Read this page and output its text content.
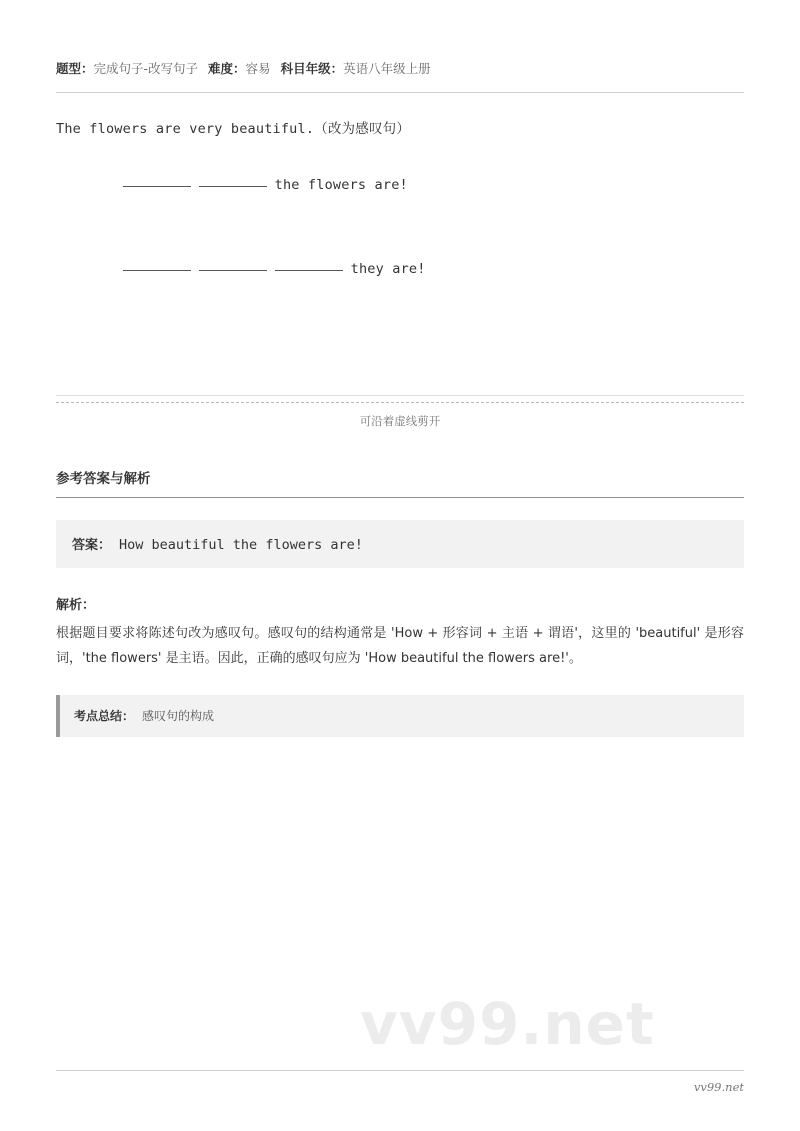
题型：完成句子-改写句子 难度：容易 科目年级：英语八年级上册
The flowers are very beautiful.（改为感叹句）

the flowers are!

they are!

可沿着虚线剪开
参考答案与解析
答案： How beautiful the flowers are!
解析：
根据题目要求将陈述句改为感叹句。感叹句的结构通常是 'How + 形容词 + 主语 + 谓语'，这里的 'beautiful' 是形容词，'the flowers' 是主语。因此，正确的感叹句应为 'How beautiful the flowers are!'。
考点总结： 感叹句的构成
vv99.net
vv99.net
